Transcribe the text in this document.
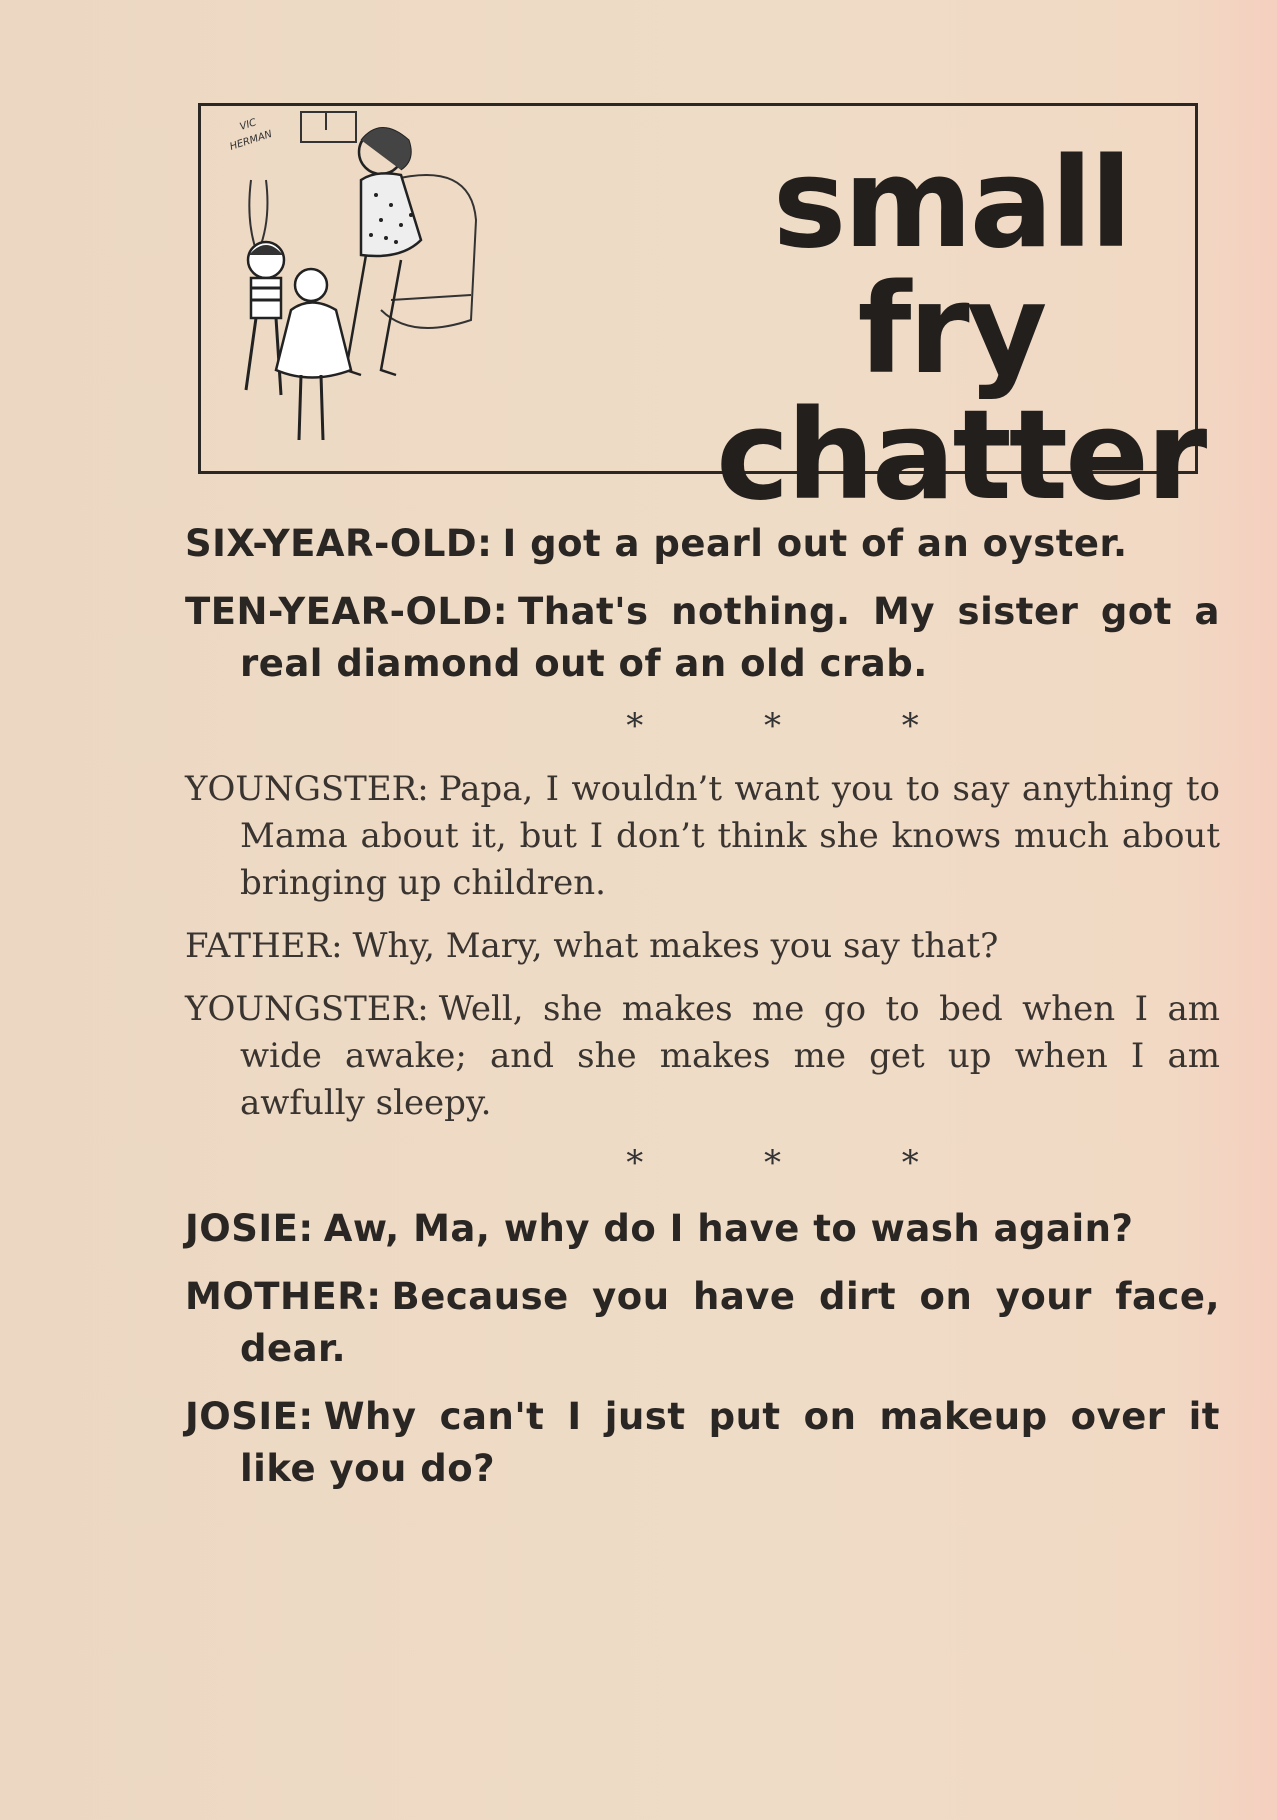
VIC
HERMAN	small fry
chatter

SIX-YEAR-OLD: I got a pearl out of an oyster.

TEN-YEAR-OLD: That's nothing. My sister got a real diamond out of an old crab.

* * *

YOUNGSTER: Papa, I wouldn’t want you to say anything to Mama about it, but I don’t think she knows much about bringing up children.

FATHER: Why, Mary, what makes you say that?

YOUNGSTER: Well, she makes me go to bed when I am wide awake; and she makes me get up when I am awfully sleepy.

* * *

JOSIE: Aw, Ma, why do I have to wash again?

MOTHER: Because you have dirt on your face, dear.

JOSIE: Why can't I just put on makeup over it like you do?
